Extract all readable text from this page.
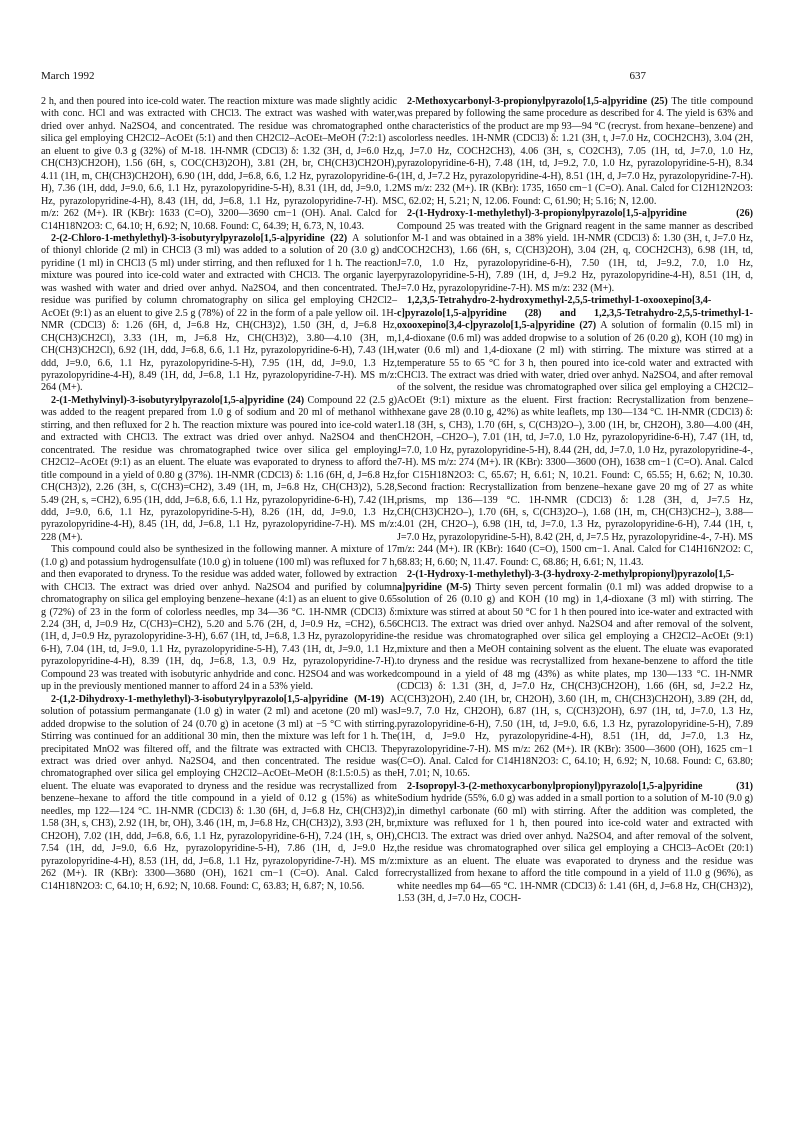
March 1992	637

2 h, and then poured into ice-cold water. The reaction mixture was made slightly acidic with conc. HCl and was extracted with CHCl3. The extract was washed with water, dried over anhyd. Na2SO4, and concentrated. The residue was chromatographed on silica gel employing CH2Cl2–AcOEt (5:1) and then CH2Cl2–AcOEt–MeOH (7:2:1) as an eluent to give 0.3 g (32%) of M-18. 1H-NMR (CDCl3) δ: 1.32 (3H, d, J=6.0 Hz, CH(CH3)CH2OH), 1.56 (6H, s, COC(CH3)2OH), 3.81 (2H, br, CH(CH3)CH2OH), 4.11 (1H, m, CH(CH3)CH2OH), 6.90 (1H, ddd, J=6.8, 6.6, 1.2 Hz, pyrazolopyridine-6-H), 7.36 (1H, ddd, J=9.0, 6.6, 1.1 Hz, pyrazolopyridine-5-H), 8.31 (1H, dd, J=9.0, 1.2 Hz, pyrazolopyridine-4-H), 8.43 (1H, dd, J=6.8, 1.1 Hz, pyrazolopyridine-7-H). MS m/z: 262 (M+). IR (KBr): 1633 (C=O), 3200—3690 cm−1 (OH). Anal. Calcd for C14H18N2O3: C, 64.10; H, 6.92; N, 10.68. Found: C, 64.39; H, 6.73, N, 10.43.

2-(2-Chloro-1-methylethyl)-3-isobutyrylpyrazolo[1,5-a]pyridine (22) A solution of thionyl chloride (2 ml) in CHCl3 (3 ml) was added to a solution of 20 (3.0 g) and pyridine (1 ml) in CHCl3 (5 ml) under stirring, and then refluxed for 1 h. The reaction mixture was poured into ice-cold water and extracted with CHCl3. The organic layer was washed with water and dried over anhyd. Na2SO4, and then concentrated. The residue was purified by column chromatography on silica gel employing CH2Cl2–AcOEt (9:1) as an eluent to give 2.5 g (78%) of 22 in the form of a pale yellow oil. 1H-NMR (CDCl3) δ: 1.26 (6H, d, J=6.8 Hz, CH(CH3)2), 1.50 (3H, d, J=6.8 Hz, CH(CH3)CH2Cl), 3.33 (1H, m, J=6.8 Hz, CH(CH3)2), 3.80—4.10 (3H, m, CH(CH3)CH2Cl), 6.92 (1H, ddd, J=6.8, 6.6, 1.1 Hz, pyrazolopyridine-6-H), 7.43 (1H, ddd, J=9.0, 6.6, 1.1 Hz, pyrazolopyridine-5-H), 7.95 (1H, dd, J=9.0, 1.3 Hz, pyrazolopyridine-4-H), 8.49 (1H, dd, J=6.8, 1.1 Hz, pyrazolopyridine-7-H). MS m/z: 264 (M+).

2-(1-Methylvinyl)-3-isobutyrylpyrazolo[1,5-a]pyridine (24) Compound 22 (2.5 g) was added to the reagent prepared from 1.0 g of sodium and 20 ml of methanol with stirring, and then refluxed for 2 h. The reaction mixture was poured into ice-cold water and extracted with CHCl3. The extract was dried over anhyd. Na2SO4 and then concentrated. The residue was chromatographed twice over silica gel employing CH2Cl2–AcOEt (9:1) as an eluent. The eluate was evaporated to dryness to afford the title compound in a yield of 0.80 g (37%). 1H-NMR (CDCl3) δ: 1.16 (6H, d, J=6.8 Hz, CH(CH3)2), 2.26 (3H, s, C(CH3)=CH2), 3.49 (1H, m, J=6.8 Hz, CH(CH3)2), 5.28, 5.49 (2H, s, =CH2), 6.95 (1H, ddd, J=6.8, 6.6, 1.1 Hz, pyrazolopyridine-6-H), 7.42 (1H, ddd, J=9.0, 6.6, 1.1 Hz, pyrazolopyridine-5-H), 8.26 (1H, dd, J=9.0, 1.3 Hz, pyrazolopyridine-4-H), 8.45 (1H, dd, J=6.8, 1.1 Hz, pyrazolopyridine-7-H). MS m/z: 228 (M+).

This compound could also be synthesized in the following manner. A mixture of 17 (1.0 g) and potassium hydrogensulfate (10.0 g) in toluene (100 ml) was refluxed for 7 h, and then evaporated to dryness. To the residue was added water, followed by extraction with CHCl3. The extract was dried over anhyd. Na2SO4 and purified by column chromatography on silica gel employing benzene–hexane (4:1) as an eluent to give 0.65 g (72%) of 23 in the form of colorless needles, mp 34—36 °C. 1H-NMR (CDCl3) δ: 2.24 (3H, d, J=0.9 Hz, C(CH3)=CH2), 5.20 and 5.76 (2H, d, J=0.9 Hz, =CH2), 6.56 (1H, d, J=0.9 Hz, pyrazolopyridine-3-H), 6.67 (1H, td, J=6.8, 1.3 Hz, pyrazolopyridine-6-H), 7.04 (1H, td, J=9.0, 1.1 Hz, pyrazolopyridine-5-H), 7.43 (1H, dt, J=9.0, 1.1 Hz, pyrazolopyridine-4-H), 8.39 (1H, dq, J=6.8, 1.3, 0.9 Hz, pyrazolopyridine-7-H). Compound 23 was treated with isobutyric anhydride and conc. H2SO4 and was worked up in the previously mentioned manner to afford 24 in a 53% yield.

2-(1,2-Dihydroxy-1-methylethyl)-3-isobutyrylpyrazolo[1,5-a]pyridine (M-19) A solution of potassium permanganate (1.0 g) in water (2 ml) and acetone (20 ml) was added dropwise to the solution of 24 (0.70 g) in acetone (3 ml) at −5 °C with stirring. Stirring was continued for an additional 30 min, then the mixture was left for 1 h. The precipitated MnO2 was filtered off, and the filtrate was extracted with CHCl3. The extract was dried over anhyd. Na2SO4, and then concentrated. The residue was chromatographed over silica gel employing CH2Cl2–AcOEt–MeOH (8:1.5:0.5) as the eluent. The eluate was evaporated to dryness and the residue was recrystallized from benzene–hexane to afford the title compound in a yield of 0.12 g (15%) as white needles, mp 122—124 °C. 1H-NMR (CDCl3) δ: 1.30 (6H, d, J=6.8 Hz, CH(CH3)2), 1.58 (3H, s, CH3), 2.92 (1H, br, OH), 3.46 (1H, m, J=6.8 Hz, CH(CH3)2), 3.93 (2H, br, CH2OH), 7.02 (1H, ddd, J=6.8, 6.6, 1.1 Hz, pyrazolopyridine-6-H), 7.24 (1H, s, OH), 7.54 (1H, dd, J=9.0, 6.6 Hz, pyrazolopyridine-5-H), 7.86 (1H, d, J=9.0 Hz, pyrazolopyridine-4-H), 8.53 (1H, dd, J=6.8, 1.1 Hz, pyrazolopyridine-7-H). MS m/z: 262 (M+). IR (KBr): 3300—3680 (OH), 1621 cm−1 (C=O). Anal. Calcd for C14H18N2O3: C, 64.10; H, 6.92; N, 10.68. Found: C, 63.83; H, 6.87; N, 10.56.

2-Methoxycarbonyl-3-propionylpyrazolo[1,5-a]pyridine (25) The title compound was prepared by following the same procedure as described for 4. The yield is 63% and the characteristics of the product are mp 93—94 °C (recryst. from hexane–benzene) and colorless needles. 1H-NMR (CDCl3) δ: 1.21 (3H, t, J=7.0 Hz, COCH2CH3), 3.04 (2H, q, J=7.0 Hz, COCH2CH3), 4.06 (3H, s, CO2CH3), 7.05 (1H, td, J=7.0, 1.0 Hz, pyrazolopyridine-6-H), 7.48 (1H, td, J=9.2, 7.0, 1.0 Hz, pyrazolopyridine-5-H), 8.34 (1H, d, J=7.2 Hz, pyrazolopyridine-4-H), 8.51 (1H, d, J=7.0 Hz, pyrazolopyridine-7-H). MS m/z: 232 (M+). IR (KBr): 1735, 1650 cm−1 (C=O). Anal. Calcd for C12H12N2O3: C, 62.02; H, 5.21; N, 12.06. Found: C, 61.90; H; 5.16; N, 12.00.

2-(1-Hydroxy-1-methylethyl)-3-propionylpyrazolo[1,5-a]pyridine (26) Compound 25 was treated with the Grignard reagent in the same manner as described for M-1 and was obtained in a 38% yield. 1H-NMR (CDCl3) δ: 1.30 (3H, t, J=7.0 Hz, COCH2CH3), 1.66 (6H, s, C(CH3)2OH), 3.04 (2H, q, COCH2CH3), 6.98 (1H, td, J=7.0, 1.0 Hz, pyrazolopyridine-6-H), 7.50 (1H, td, J=9.2, 7.0, 1.0 Hz, pyrazolopyridine-5-H), 7.89 (1H, d, J=9.2 Hz, pyrazolopyridine-4-H), 8.51 (1H, d, J=7.0 Hz, pyrazolopyridine-7-H). MS m/z: 232 (M+).

1,2,3,5-Tetrahydro-2-hydroxymethyl-2,5,5-trimethyl-1-oxooxepino[3,4-c]pyrazolo[1,5-a]pyridine (28) and 1,2,3,5-Tetrahydro-2,5,5-trimethyl-1-oxooxepino[3,4-c]pyrazolo[1,5-a]pyridine (27) A solution of formalin (0.15 ml) in 1,4-dioxane (0.6 ml) was added dropwise to a solution of 26 (0.20 g), KOH (10 mg) in water (0.6 ml) and 1,4-dioxane (2 ml) with stirring. The mixture was stirred at a temperature 55 to 65 °C for 3 h, then poured into ice-cold water and extracted with CHCl3. The extract was dried with water, dried over anhyd. Na2SO4, and after removal of the solvent, the residue was chromatographed over silica gel employing a CH2Cl2–AcOEt (9:1) mixture as the eluent. First fraction: Recrystallization from benzene–hexane gave 28 (0.10 g, 42%) as white leaflets, mp 130—134 °C. 1H-NMR (CDCl3) δ: 1.18 (3H, s, CH3), 1.70 (6H, s, C(CH3)2O–), 3.00 (1H, br, CH2OH), 3.80—4.00 (4H, CH2OH, –CH2O–), 7.01 (1H, td, J=7.0, 1.0 Hz, pyrazolopyridine-6-H), 7.47 (1H, td, J=7.0, 1.0 Hz, pyrazolopyridine-5-H), 8.44 (2H, dd, J=7.0, 1.0 Hz, pyrazolopyridine-4-, 7-H). MS m/z: 274 (M+). IR (KBr): 3300—3600 (OH), 1638 cm−1 (C=O). Anal. Calcd for C15H18N2O3: C, 65.67; H, 6.61; N, 10.21. Found: C, 65.55; H, 6.62; N, 10.30. Second fraction: Recrystallization from benzene–hexane gave 20 mg of 27 as white prisms, mp 136—139 °C. 1H-NMR (CDCl3) δ: 1.28 (3H, d, J=7.5 Hz, CH(CH3)CH2O–), 1.70 (6H, s, C(CH3)2O–), 1.68 (1H, m, CH(CH3)CH2–), 3.88—4.01 (2H, CH2O–), 6.98 (1H, td, J=7.0, 1.3 Hz, pyrazolopyridine-6-H), 7.44 (1H, t, J=7.0 Hz, pyrazolopyridine-5-H), 8.42 (2H, d, J=7.5 Hz, pyrazolopyridine-4-, 7-H). MS m/z: 244 (M+). IR (KBr): 1640 (C=O), 1500 cm−1. Anal. Calcd for C14H16N2O2: C, 68.83; H, 6.60; N, 11.47. Found: C, 68.86; H, 6.61; N, 11.43.

2-(1-Hydroxy-1-methylethyl)-3-(3-hydroxy-2-methylpropionyl)pyrazolo[1,5-a]pyridine (M-5) Thirty seven percent formalin (0.1 ml) was added dropwise to a solution of 26 (0.10 g) and KOH (10 mg) in 1,4-dioxane (3 ml) with stirring. The mixture was stirred at about 50 °C for 1 h then poured into ice-water and extracted with CHCl3. The extract was dried over anhyd. Na2SO4 and after removal of the solvent, the residue was chromatographed over silica gel employing a CH2Cl2–AcOEt (9:1) mixture and then a MeOH containing solvent as the eluent. The eluate was evaporated to dryness and the residue was recrystallized from hexane-benzene to afford the title compound in a yield of 48 mg (43%) as white plates, mp 130—133 °C. 1H-NMR (CDCl3) δ: 1.31 (3H, d, J=7.0 Hz, CH(CH3)CH2OH), 1.66 (6H, sd, J=2.2 Hz, C(CH3)2OH), 2.40 (1H, br, CH2OH), 3.60 (1H, m, CH(CH3)CH2OH), 3.89 (2H, dd, J=9.7, 7.0 Hz, CH2OH), 6.87 (1H, s, C(CH3)2OH), 6.97 (1H, td, J=7.0, 1.3 Hz, pyrazolopyridine-6-H), 7.50 (1H, td, J=9.0, 6.6, 1.3 Hz, pyrazolopyridine-5-H), 7.89 (1H, d, J=9.0 Hz, pyrazolopyridine-4-H), 8.51 (1H, dd, J=7.0, 1.3 Hz, pyrazolopyridine-7-H). MS m/z: 262 (M+). IR (KBr): 3500—3600 (OH), 1625 cm−1 (C=O). Anal. Calcd for C14H18N2O3: C, 64.10; H, 6.92; N, 10.68. Found: C, 63.80; H, 7.01; N, 10.65.

2-Isopropyl-3-(2-methoxycarbonylpropionyl)pyrazolo[1,5-a]pyridine (31) Sodium hydride (55%, 6.0 g) was added in a small portion to a solution of M-10 (9.0 g) in dimethyl carbonate (60 ml) with stirring. After the addition was completed, the mixture was refluxed for 1 h, then poured into ice-cold water and extracted with CHCl3. The extract was dried over anhyd. Na2SO4, and after removal of the solvent, the residue was chromatographed over silica gel employing a CHCl3–AcOEt (20:1) mixture as an eluent. The eluate was evaporated to dryness and the residue was recrystallized from hexane to afford the title compound in a yield of 11.0 g (96%), as white needles mp 64—65 °C. 1H-NMR (CDCl3) δ: 1.41 (6H, d, J=6.8 Hz, CH(CH3)2), 1.53 (3H, d, J=7.0 Hz, COCH-
